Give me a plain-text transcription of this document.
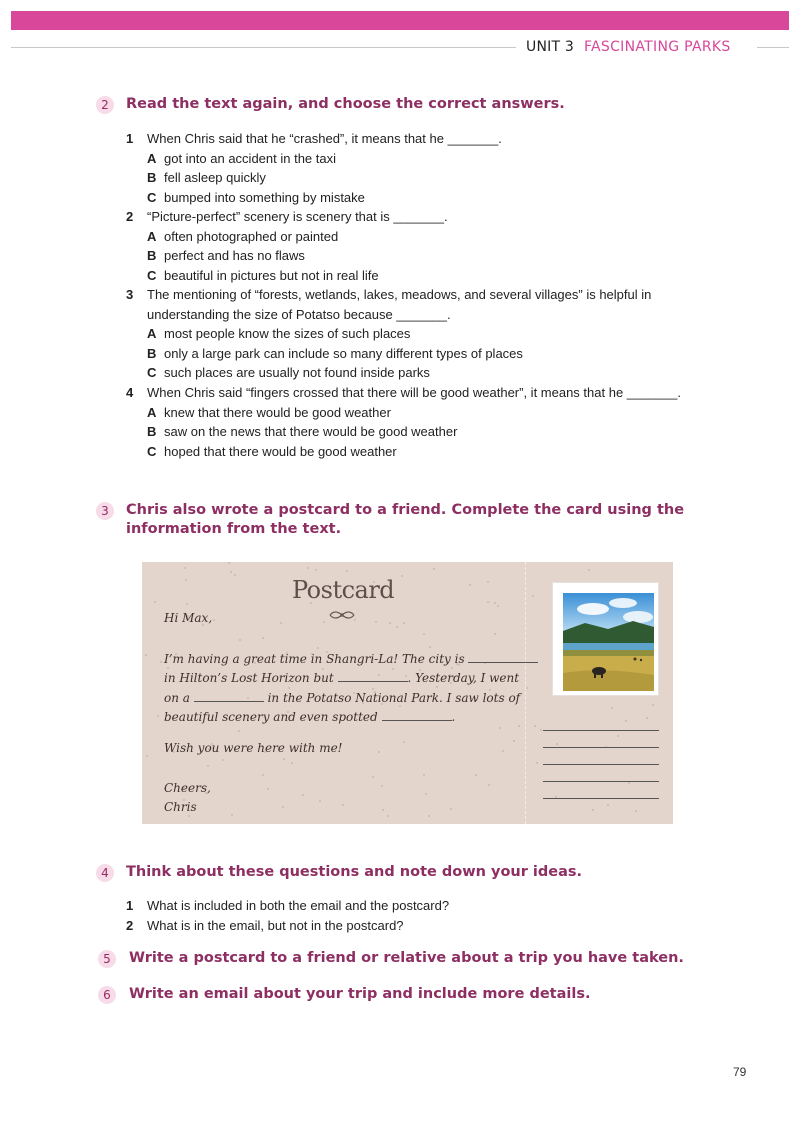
UNIT 3 FASCINATING PARKS
2	Read the text again, and choose the correct answers.
1 When Chris said that he “crashed”, it means that he _______.
A got into an accident in the taxi
B fell asleep quickly
C bumped into something by mistake
2 “Picture-perfect” scenery is scenery that is _______.
A often photographed or painted
B perfect and has no flaws
C beautiful in pictures but not in real life
3 The mentioning of “forests, wetlands, lakes, meadows, and several villages” is helpful in understanding the size of Potatso because _______.
A most people know the sizes of such places
B only a large park can include so many different types of places
C such places are usually not found inside parks
4 When Chris said “fingers crossed that there will be good weather”, it means that he _______.
A knew that there would be good weather
B saw on the news that there would be good weather
C hoped that there would be good weather
3	Chris also wrote a postcard to a friend. Complete the card using the
information from the text.
Postcard
Hi Max,
I’m having a great time in Shangri-La! The city is
in Hilton’s Lost Horizon but	. Yesterday, I went
on a	in the Potatso National Park. I saw lots of
beautiful scenery and even spotted	.
Wish you were here with me!
Cheers,
Chris
4	Think about these questions and note down your ideas.
1 What is included in both the email and the postcard?
2 What is in the email, but not in the postcard?
5	Write a postcard to a friend or relative about a trip you have taken.
6	Write an email about your trip and include more details.
79
